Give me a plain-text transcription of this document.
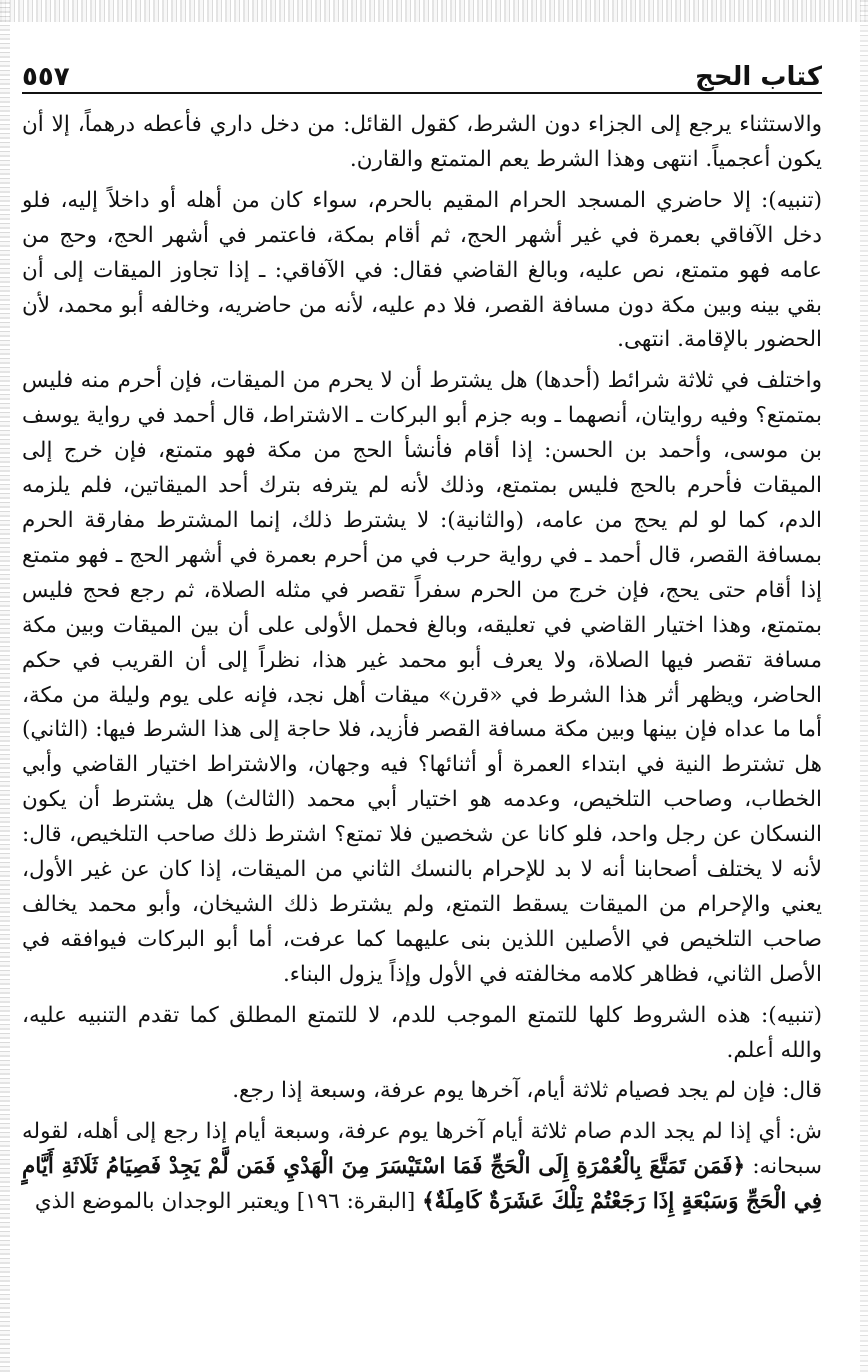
كتاب الحج
٥٥٧

والاستثناء يرجع إلى الجزاء دون الشرط، كقول القائل: من دخل داري فأعطه درهماً، إلا أن يكون أعجمياً. انتهى وهذا الشرط يعم المتمتع والقارن.

(تنبيه): إلا حاضري المسجد الحرام المقيم بالحرم، سواء كان من أهله أو داخلاً إليه، فلو دخل الآفاقي بعمرة في غير أشهر الحج، ثم أقام بمكة، فاعتمر في أشهر الحج، وحج من عامه فهو متمتع، نص عليه، وبالغ القاضي فقال: في الآفاقي: ـ إذا تجاوز الميقات إلى أن بقي بينه وبين مكة دون مسافة القصر، فلا دم عليه، لأنه من حاضريه، وخالفه أبو محمد، لأن الحضور بالإقامة. انتهى.

واختلف في ثلاثة شرائط (أحدها) هل يشترط أن لا يحرم من الميقات، فإن أحرم منه فليس بمتمتع؟ وفيه روايتان، أنصهما ـ وبه جزم أبو البركات ـ الاشتراط، قال أحمد في رواية يوسف بن موسى، وأحمد بن الحسن: إذا أقام فأنشأ الحج من مكة فهو متمتع، فإن خرج إلى الميقات فأحرم بالحج فليس بمتمتع، وذلك لأنه لم يترفه بترك أحد الميقاتين، فلم يلزمه الدم، كما لو لم يحج من عامه، (والثانية): لا يشترط ذلك، إنما المشترط مفارقة الحرم بمسافة القصر، قال أحمد ـ في رواية حرب في من أحرم بعمرة في أشهر الحج ـ فهو متمتع إذا أقام حتى يحج، فإن خرج من الحرم سفراً تقصر في مثله الصلاة، ثم رجع فحج فليس بمتمتع، وهذا اختيار القاضي في تعليقه، وبالغ فحمل الأولى على أن بين الميقات وبين مكة مسافة تقصر فيها الصلاة، ولا يعرف أبو محمد غير هذا، نظراً إلى أن القريب في حكم الحاضر، ويظهر أثر هذا الشرط في «قرن» ميقات أهل نجد، فإنه على يوم وليلة من مكة، أما ما عداه فإن بينها وبين مكة مسافة القصر فأزيد، فلا حاجة إلى هذا الشرط فيها: (الثاني) هل تشترط النية في ابتداء العمرة أو أثنائها؟ فيه وجهان، والاشتراط اختيار القاضي وأبي الخطاب، وصاحب التلخيص، وعدمه هو اختيار أبي محمد (الثالث) هل يشترط أن يكون النسكان عن رجل واحد، فلو كانا عن شخصين فلا تمتع؟ اشترط ذلك صاحب التلخيص، قال: لأنه لا يختلف أصحابنا أنه لا بد للإحرام بالنسك الثاني من الميقات، إذا كان عن غير الأول، يعني والإحرام من الميقات يسقط التمتع، ولم يشترط ذلك الشيخان، وأبو محمد يخالف صاحب التلخيص في الأصلين اللذين بنى عليهما كما عرفت، أما أبو البركات فيوافقه في الأصل الثاني، فظاهر كلامه مخالفته في الأول وإذاً يزول البناء.

(تنبيه): هذه الشروط كلها للتمتع الموجب للدم، لا للتمتع المطلق كما تقدم التنبيه عليه، والله أعلم.

قال: فإن لم يجد فصيام ثلاثة أيام، آخرها يوم عرفة، وسبعة إذا رجع.

ش: أي إذا لم يجد الدم صام ثلاثة أيام آخرها يوم عرفة، وسبعة أيام إذا رجع إلى أهله، لقوله سبحانه: ﴿فَمَن تَمَتَّعَ بِالْعُمْرَةِ إِلَى الْحَجِّ فَمَا اسْتَيْسَرَ مِنَ الْهَدْيِ فَمَن لَّمْ يَجِدْ فَصِيَامُ ثَلَاثَةِ أَيَّامٍ فِي الْحَجِّ وَسَبْعَةٍ إِذَا رَجَعْتُمْ تِلْكَ عَشَرَةٌ كَامِلَةٌ﴾ [البقرة: ١٩٦] ويعتبر الوجدان بالموضع الذي
